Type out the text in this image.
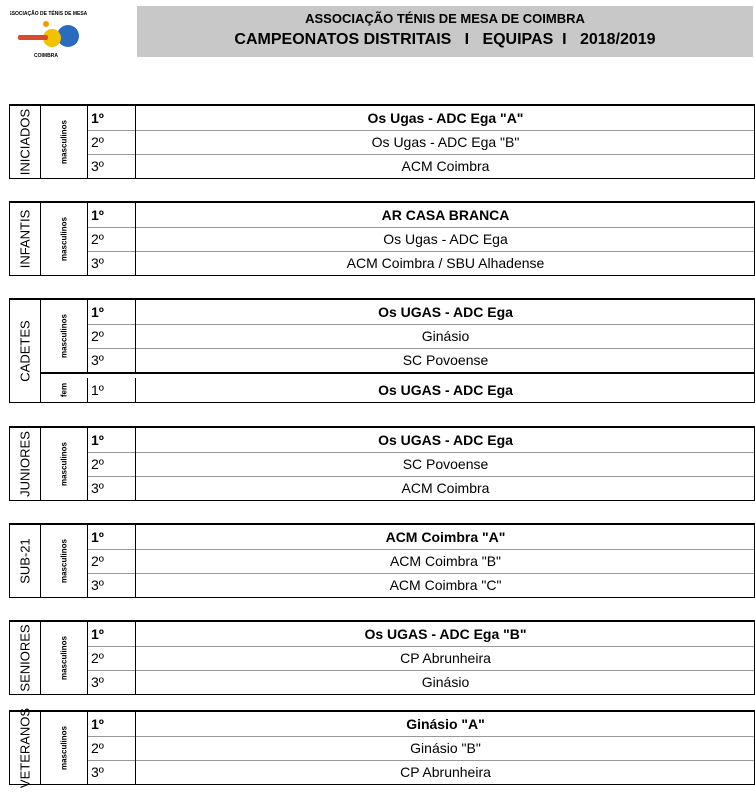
ASSOCIAÇÃO DE TÉNIS DE MESA
COIMBRA
ASSOCIAÇÃO TÉNIS DE MESA DE COIMBRA
CAMPEONATOS DISTRITAIS   I   EQUIPAS  I   2018/2019
INICIADOS	masculinos
1º	Os Ugas - ADC Ega "A"
2º	Os Ugas - ADC Ega "B"
3º	ACM Coimbra
INFANTIS	masculinos
1º	AR CASA BRANCA
2º	Os Ugas - ADC Ega
3º	ACM Coimbra / SBU Alhadense
CADETES	masculinos
1º	Os UGAS - ADC Ega
2º	Ginásio
3º	SC Povoense
fem 1º	Os UGAS - ADC Ega
JUNIORES	masculinos
1º	Os UGAS - ADC Ega
2º	SC Povoense
3º	ACM Coimbra
SUB-21	masculinos
1º	ACM Coimbra "A"
2º	ACM Coimbra "B"
3º	ACM Coimbra "C"
SENIORES	masculinos
1º	Os UGAS - ADC Ega "B"
2º	CP Abrunheira
3º	Ginásio
VETERANOS	masculinos
1º	Ginásio "A"
2º	Ginásio "B"
3º	CP Abrunheira
